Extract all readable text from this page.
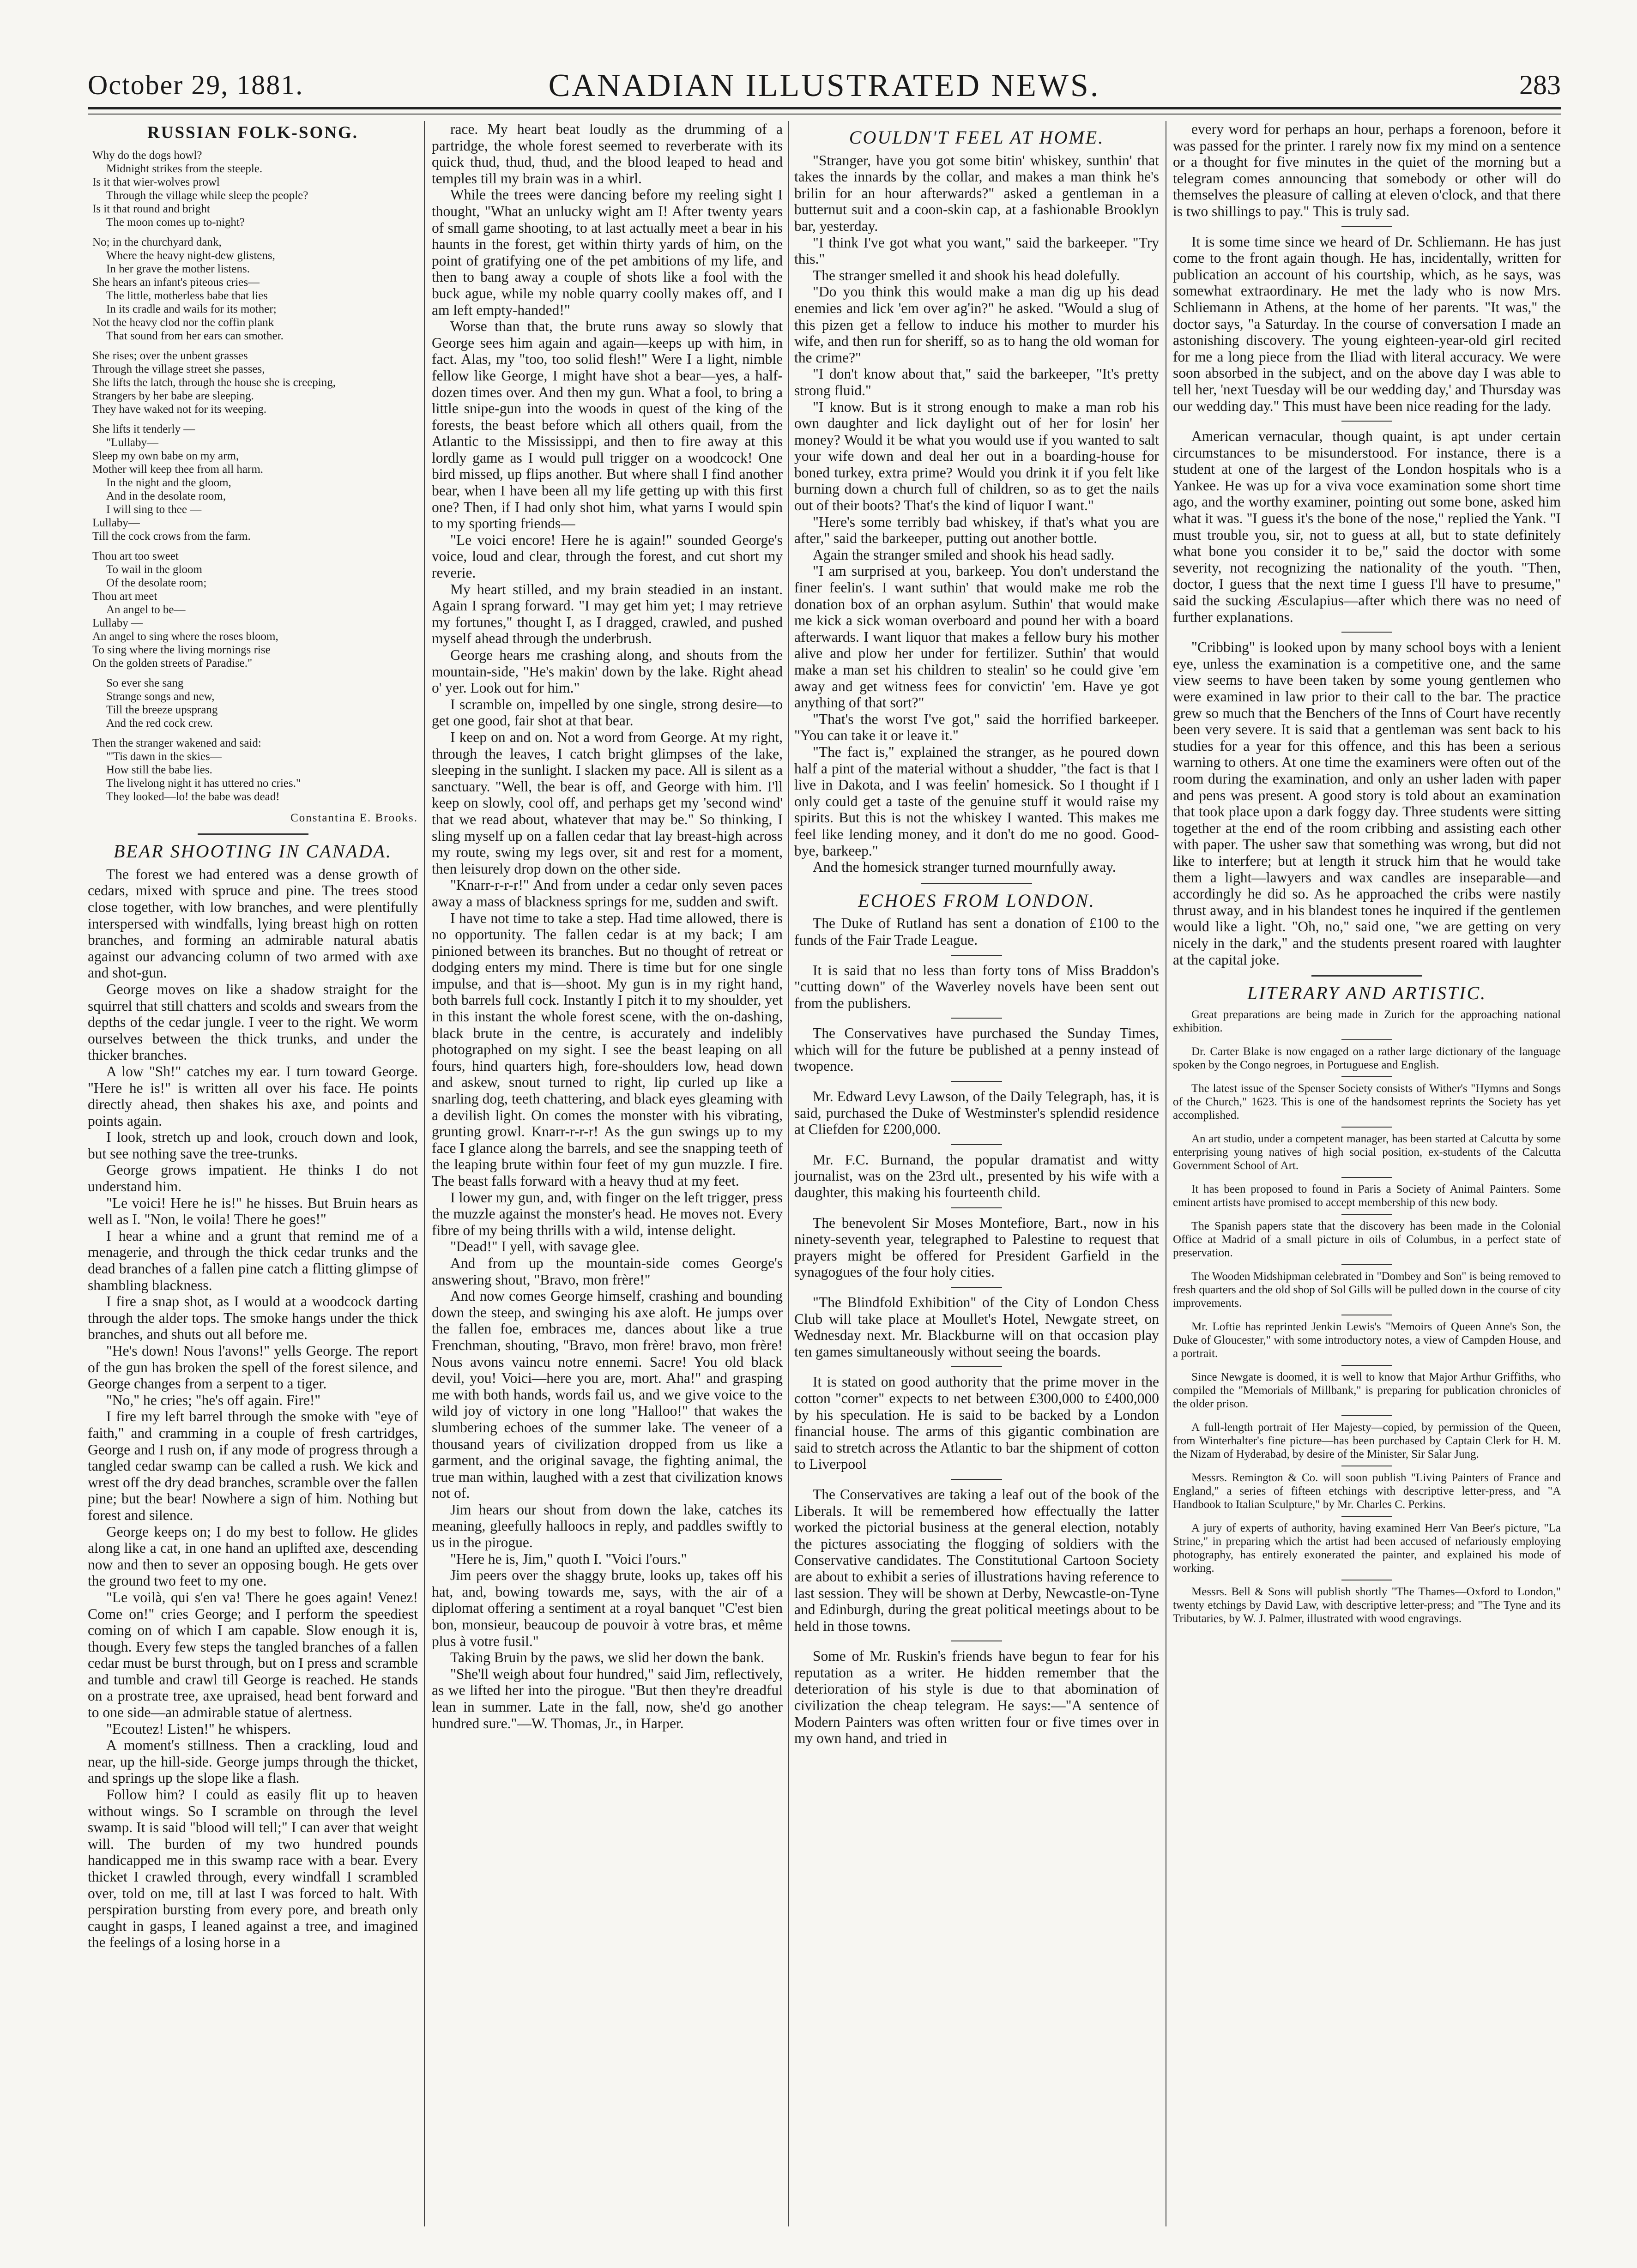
October 29, 1881.	CANADIAN ILLUSTRATED NEWS.	283
RUSSIAN FOLK-SONG.
Why do the dogs howl?
Midnight strikes from the steeple.
Is it that wier-wolves prowl
Through the village while sleep the people?
Is it that round and bright
The moon comes up to-night?
No; in the churchyard dank,
Where the heavy night-dew glistens,
In her grave the mother listens.
She hears an infant's piteous cries—
The little, motherless babe that lies
In its cradle and wails for its mother;
Not the heavy clod nor the coffin plank
That sound from her ears can smother.
She rises; over the unbent grasses
Through the village street she passes,
She lifts the latch, through the house she is creeping,
Strangers by her babe are sleeping.
They have waked not for its weeping.
She lifts it tenderly —
"Lullaby—
Sleep my own babe on my arm,
Mother will keep thee from all harm.
In the night and the gloom,
And in the desolate room,
I will sing to thee —
Lullaby—
Till the cock crows from the farm.
Thou art too sweet
To wail in the gloom
Of the desolate room;
Thou art meet
An angel to be—
Lullaby —
An angel to sing where the roses bloom,
To sing where the living mornings rise
On the golden streets of Paradise."
So ever she sang
Strange songs and new,
Till the breeze upsprang
And the red cock crew.
Then the stranger wakened and said:
"'Tis dawn in the skies—
How still the babe lies.
The livelong night it has uttered no cries."
They looked—lo! the babe was dead!
Constantina E. Brooks.
BEAR SHOOTING IN CANADA.

The forest we had entered was a dense growth of cedars, mixed with spruce and pine. The trees stood close together, with low branches, and were plentifully interspersed with windfalls, lying breast high on rotten branches, and forming an admirable natural abatis against our advancing column of two armed with axe and shot-gun.

George moves on like a shadow straight for the squirrel that still chatters and scolds and swears from the depths of the cedar jungle. I veer to the right. We worm ourselves between the thick trunks, and under the thicker branches.

A low "Sh!" catches my ear. I turn toward George. "Here he is!" is written all over his face. He points directly ahead, then shakes his axe, and points and points again.

I look, stretch up and look, crouch down and look, but see nothing save the tree-trunks.

George grows impatient. He thinks I do not understand him.

"Le voici! Here he is!" he hisses. But Bruin hears as well as I. "Non, le voila! There he goes!"

I hear a whine and a grunt that remind me of a menagerie, and through the thick cedar trunks and the dead branches of a fallen pine catch a flitting glimpse of shambling blackness.

I fire a snap shot, as I would at a woodcock darting through the alder tops. The smoke hangs under the thick branches, and shuts out all before me.

"He's down! Nous l'avons!" yells George. The report of the gun has broken the spell of the forest silence, and George changes from a serpent to a tiger.

"No," he cries; "he's off again. Fire!"

I fire my left barrel through the smoke with "eye of faith," and cramming in a couple of fresh cartridges, George and I rush on, if any mode of progress through a tangled cedar swamp can be called a rush. We kick and wrest off the dry dead branches, scramble over the fallen pine; but the bear! Nowhere a sign of him. Nothing but forest and silence.

George keeps on; I do my best to follow. He glides along like a cat, in one hand an uplifted axe, descending now and then to sever an opposing bough. He gets over the ground two feet to my one.

"Le voilà, qui s'en va! There he goes again! Venez! Come on!" cries George; and I perform the speediest coming on of which I am capable. Slow enough it is, though. Every few steps the tangled branches of a fallen cedar must be burst through, but on I press and scramble and tumble and crawl till George is reached. He stands on a prostrate tree, axe upraised, head bent forward and to one side—an admirable statue of alertness.

"Ecoutez! Listen!" he whispers.

A moment's stillness. Then a crackling, loud and near, up the hill-side. George jumps through the thicket, and springs up the slope like a flash.

Follow him? I could as easily flit up to heaven without wings. So I scramble on through the level swamp. It is said "blood will tell;" I can aver that weight will. The burden of my two hundred pounds handicapped me in this swamp race with a bear. Every thicket I crawled through, every windfall I scrambled over, told on me, till at last I was forced to halt. With perspiration bursting from every pore, and breath only caught in gasps, I leaned against a tree, and imagined the feelings of a losing horse in a

race. My heart beat loudly as the drumming of a partridge, the whole forest seemed to reverberate with its quick thud, thud, thud, and the blood leaped to head and temples till my brain was in a whirl.

While the trees were dancing before my reeling sight I thought, "What an unlucky wight am I! After twenty years of small game shooting, to at last actually meet a bear in his haunts in the forest, get within thirty yards of him, on the point of gratifying one of the pet ambitions of my life, and then to bang away a couple of shots like a fool with the buck ague, while my noble quarry coolly makes off, and I am left empty-handed!"

Worse than that, the brute runs away so slowly that George sees him again and again—keeps up with him, in fact. Alas, my "too, too solid flesh!" Were I a light, nimble fellow like George, I might have shot a bear—yes, a half-dozen times over. And then my gun. What a fool, to bring a little snipe-gun into the woods in quest of the king of the forests, the beast before which all others quail, from the Atlantic to the Mississippi, and then to fire away at this lordly game as I would pull trigger on a woodcock! One bird missed, up flips another. But where shall I find another bear, when I have been all my life getting up with this first one? Then, if I had only shot him, what yarns I would spin to my sporting friends—

"Le voici encore! Here he is again!" sounded George's voice, loud and clear, through the forest, and cut short my reverie.

My heart stilled, and my brain steadied in an instant. Again I sprang forward. "I may get him yet; I may retrieve my fortunes," thought I, as I dragged, crawled, and pushed myself ahead through the underbrush.

George hears me crashing along, and shouts from the mountain-side, "He's makin' down by the lake. Right ahead o' yer. Look out for him."

I scramble on, impelled by one single, strong desire—to get one good, fair shot at that bear.

I keep on and on. Not a word from George. At my right, through the leaves, I catch bright glimpses of the lake, sleeping in the sunlight. I slacken my pace. All is silent as a sanctuary. "Well, the bear is off, and George with him. I'll keep on slowly, cool off, and perhaps get my 'second wind' that we read about, whatever that may be." So thinking, I sling myself up on a fallen cedar that lay breast-high across my route, swing my legs over, sit and rest for a moment, then leisurely drop down on the other side.

"Knarr-r-r-r!" And from under a cedar only seven paces away a mass of blackness springs for me, sudden and swift.

I have not time to take a step. Had time allowed, there is no opportunity. The fallen cedar is at my back; I am pinioned between its branches. But no thought of retreat or dodging enters my mind. There is time but for one single impulse, and that is—shoot. My gun is in my right hand, both barrels full cock. Instantly I pitch it to my shoulder, yet in this instant the whole forest scene, with the on-dashing, black brute in the centre, is accurately and indelibly photographed on my sight. I see the beast leaping on all fours, hind quarters high, fore-shoulders low, head down and askew, snout turned to right, lip curled up like a snarling dog, teeth chattering, and black eyes gleaming with a devilish light. On comes the monster with his vibrating, grunting growl. Knarr-r-r-r! As the gun swings up to my face I glance along the barrels, and see the snapping teeth of the leaping brute within four feet of my gun muzzle. I fire. The beast falls forward with a heavy thud at my feet.

I lower my gun, and, with finger on the left trigger, press the muzzle against the monster's head. He moves not. Every fibre of my being thrills with a wild, intense delight.

"Dead!" I yell, with savage glee.

And from up the mountain-side comes George's answering shout, "Bravo, mon frère!"

And now comes George himself, crashing and bounding down the steep, and swinging his axe aloft. He jumps over the fallen foe, embraces me, dances about like a true Frenchman, shouting, "Bravo, mon frère! bravo, mon frère! Nous avons vaincu notre ennemi. Sacre! You old black devil, you! Voici—here you are, mort. Aha!" and grasping me with both hands, words fail us, and we give voice to the wild joy of victory in one long "Halloo!" that wakes the slumbering echoes of the summer lake. The veneer of a thousand years of civilization dropped from us like a garment, and the original savage, the fighting animal, the true man within, laughed with a zest that civilization knows not of.

Jim hears our shout from down the lake, catches its meaning, gleefully halloocs in reply, and paddles swiftly to us in the pirogue.

"Here he is, Jim," quoth I. "Voici l'ours."

Jim peers over the shaggy brute, looks up, takes off his hat, and, bowing towards me, says, with the air of a diplomat offering a sentiment at a royal banquet "C'est bien bon, monsieur, beaucoup de pouvoir à votre bras, et même plus à votre fusil."

Taking Bruin by the paws, we slid her down the bank.

"She'll weigh about four hundred," said Jim, reflectively, as we lifted her into the pirogue. "But then they're dreadful lean in summer. Late in the fall, now, she'd go another hundred sure."—W. Thomas, Jr., in Harper.

COULDN'T FEEL AT HOME.

"Stranger, have you got some bitin' whiskey, sunthin' that takes the innards by the collar, and makes a man think he's brilin for an hour afterwards?" asked a gentleman in a butternut suit and a coon-skin cap, at a fashionable Brooklyn bar, yesterday.

"I think I've got what you want," said the barkeeper. "Try this."

The stranger smelled it and shook his head dolefully.

"Do you think this would make a man dig up his dead enemies and lick 'em over ag'in?" he asked. "Would a slug of this pizen get a fellow to induce his mother to murder his wife, and then run for sheriff, so as to hang the old woman for the crime?"

"I don't know about that," said the barkeeper, "It's pretty strong fluid."

"I know. But is it strong enough to make a man rob his own daughter and lick daylight out of her for losin' her money? Would it be what you would use if you wanted to salt your wife down and deal her out in a boarding-house for boned turkey, extra prime? Would you drink it if you felt like burning down a church full of children, so as to get the nails out of their boots? That's the kind of liquor I want."

"Here's some terribly bad whiskey, if that's what you are after," said the barkeeper, putting out another bottle.

Again the stranger smiled and shook his head sadly.

"I am surprised at you, barkeep. You don't understand the finer feelin's. I want suthin' that would make me rob the donation box of an orphan asylum. Suthin' that would make me kick a sick woman overboard and pound her with a board afterwards. I want liquor that makes a fellow bury his mother alive and plow her under for fertilizer. Suthin' that would make a man set his children to stealin' so he could give 'em away and get witness fees for convictin' 'em. Have ye got anything of that sort?"

"That's the worst I've got," said the horrified barkeeper. "You can take it or leave it."

"The fact is," explained the stranger, as he poured down half a pint of the material without a shudder, "the fact is that I live in Dakota, and I was feelin' homesick. So I thought if I only could get a taste of the genuine stuff it would raise my spirits. But this is not the whiskey I wanted. This makes me feel like lending money, and it don't do me no good. Good-bye, barkeep."

And the homesick stranger turned mournfully away.

ECHOES FROM LONDON.

The Duke of Rutland has sent a donation of £100 to the funds of the Fair Trade League.

It is said that no less than forty tons of Miss Braddon's "cutting down" of the Waverley novels have been sent out from the publishers.

The Conservatives have purchased the Sunday Times, which will for the future be published at a penny instead of twopence.

Mr. Edward Levy Lawson, of the Daily Telegraph, has, it is said, purchased the Duke of Westminster's splendid residence at Cliefden for £200,000.

Mr. F.C. Burnand, the popular dramatist and witty journalist, was on the 23rd ult., presented by his wife with a daughter, this making his fourteenth child.

The benevolent Sir Moses Montefiore, Bart., now in his ninety-seventh year, telegraphed to Palestine to request that prayers might be offered for President Garfield in the synagogues of the four holy cities.

"The Blindfold Exhibition" of the City of London Chess Club will take place at Moullet's Hotel, Newgate street, on Wednesday next. Mr. Blackburne will on that occasion play ten games simultaneously without seeing the boards.

It is stated on good authority that the prime mover in the cotton "corner" expects to net between £300,000 to £400,000 by his speculation. He is said to be backed by a London financial house. The arms of this gigantic combination are said to stretch across the Atlantic to bar the shipment of cotton to Liverpool

The Conservatives are taking a leaf out of the book of the Liberals. It will be remembered how effectually the latter worked the pictorial business at the general election, notably the pictures associating the flogging of soldiers with the Conservative candidates. The Constitutional Cartoon Society are about to exhibit a series of illustrations having reference to last session. They will be shown at Derby, Newcastle-on-Tyne and Edinburgh, during the great political meetings about to be held in those towns.

Some of Mr. Ruskin's friends have begun to fear for his reputation as a writer. He hidden remember that the deterioration of his style is due to that abomination of civilization the cheap telegram. He says:—"A sentence of Modern Painters was often written four or five times over in my own hand, and tried in

every word for perhaps an hour, perhaps a forenoon, before it was passed for the printer. I rarely now fix my mind on a sentence or a thought for five minutes in the quiet of the morning but a telegram comes announcing that somebody or other will do themselves the pleasure of calling at eleven o'clock, and that there is two shillings to pay." This is truly sad.

It is some time since we heard of Dr. Schliemann. He has just come to the front again though. He has, incidentally, written for publication an account of his courtship, which, as he says, was somewhat extraordinary. He met the lady who is now Mrs. Schliemann in Athens, at the home of her parents. "It was," the doctor says, "a Saturday. In the course of conversation I made an astonishing discovery. The young eighteen-year-old girl recited for me a long piece from the Iliad with literal accuracy. We were soon absorbed in the subject, and on the above day I was able to tell her, 'next Tuesday will be our wedding day,' and Thursday was our wedding day." This must have been nice reading for the lady.

American vernacular, though quaint, is apt under certain circumstances to be misunderstood. For instance, there is a student at one of the largest of the London hospitals who is a Yankee. He was up for a viva voce examination some short time ago, and the worthy examiner, pointing out some bone, asked him what it was. "I guess it's the bone of the nose," replied the Yank. "I must trouble you, sir, not to guess at all, but to state definitely what bone you consider it to be," said the doctor with some severity, not recognizing the nationality of the youth. "Then, doctor, I guess that the next time I guess I'll have to presume," said the sucking Æsculapius—after which there was no need of further explanations.

"Cribbing" is looked upon by many school boys with a lenient eye, unless the examination is a competitive one, and the same view seems to have been taken by some young gentlemen who were examined in law prior to their call to the bar. The practice grew so much that the Benchers of the Inns of Court have recently been very severe. It is said that a gentleman was sent back to his studies for a year for this offence, and this has been a serious warning to others. At one time the examiners were often out of the room during the examination, and only an usher laden with paper and pens was present. A good story is told about an examination that took place upon a dark foggy day. Three students were sitting together at the end of the room cribbing and assisting each other with paper. The usher saw that something was wrong, but did not like to interfere; but at length it struck him that he would take them a light—lawyers and wax candles are inseparable—and accordingly he did so. As he approached the cribs were nastily thrust away, and in his blandest tones he inquired if the gentlemen would like a light. "Oh, no," said one, "we are getting on very nicely in the dark," and the students present roared with laughter at the capital joke.

LITERARY AND ARTISTIC.

Great preparations are being made in Zurich for the approaching national exhibition.

Dr. Carter Blake is now engaged on a rather large dictionary of the language spoken by the Congo negroes, in Portuguese and English.

The latest issue of the Spenser Society consists of Wither's "Hymns and Songs of the Church," 1623. This is one of the handsomest reprints the Society has yet accomplished.

An art studio, under a competent manager, has been started at Calcutta by some enterprising young natives of high social position, ex-students of the Calcutta Government School of Art.

It has been proposed to found in Paris a Society of Animal Painters. Some eminent artists have promised to accept membership of this new body.

The Spanish papers state that the discovery has been made in the Colonial Office at Madrid of a small picture in oils of Columbus, in a perfect state of preservation.

The Wooden Midshipman celebrated in "Dombey and Son" is being removed to fresh quarters and the old shop of Sol Gills will be pulled down in the course of city improvements.

Mr. Loftie has reprinted Jenkin Lewis's "Memoirs of Queen Anne's Son, the Duke of Gloucester," with some introductory notes, a view of Campden House, and a portrait.

Since Newgate is doomed, it is well to know that Major Arthur Griffiths, who compiled the "Memorials of Millbank," is preparing for publication chronicles of the older prison.

A full-length portrait of Her Majesty—copied, by permission of the Queen, from Winterhalter's fine picture—has been purchased by Captain Clerk for H. M. the Nizam of Hyderabad, by desire of the Minister, Sir Salar Jung.

Messrs. Remington & Co. will soon publish "Living Painters of France and England," a series of fifteen etchings with descriptive letter-press, and "A Handbook to Italian Sculpture," by Mr. Charles C. Perkins.

A jury of experts of authority, having examined Herr Van Beer's picture, "La Strine," in preparing which the artist had been accused of nefariously employing photography, has entirely exonerated the painter, and explained his mode of working.

Messrs. Bell & Sons will publish shortly "The Thames—Oxford to London," twenty etchings by David Law, with descriptive letter-press; and "The Tyne and its Tributaries, by W. J. Palmer, illustrated with wood engravings.
